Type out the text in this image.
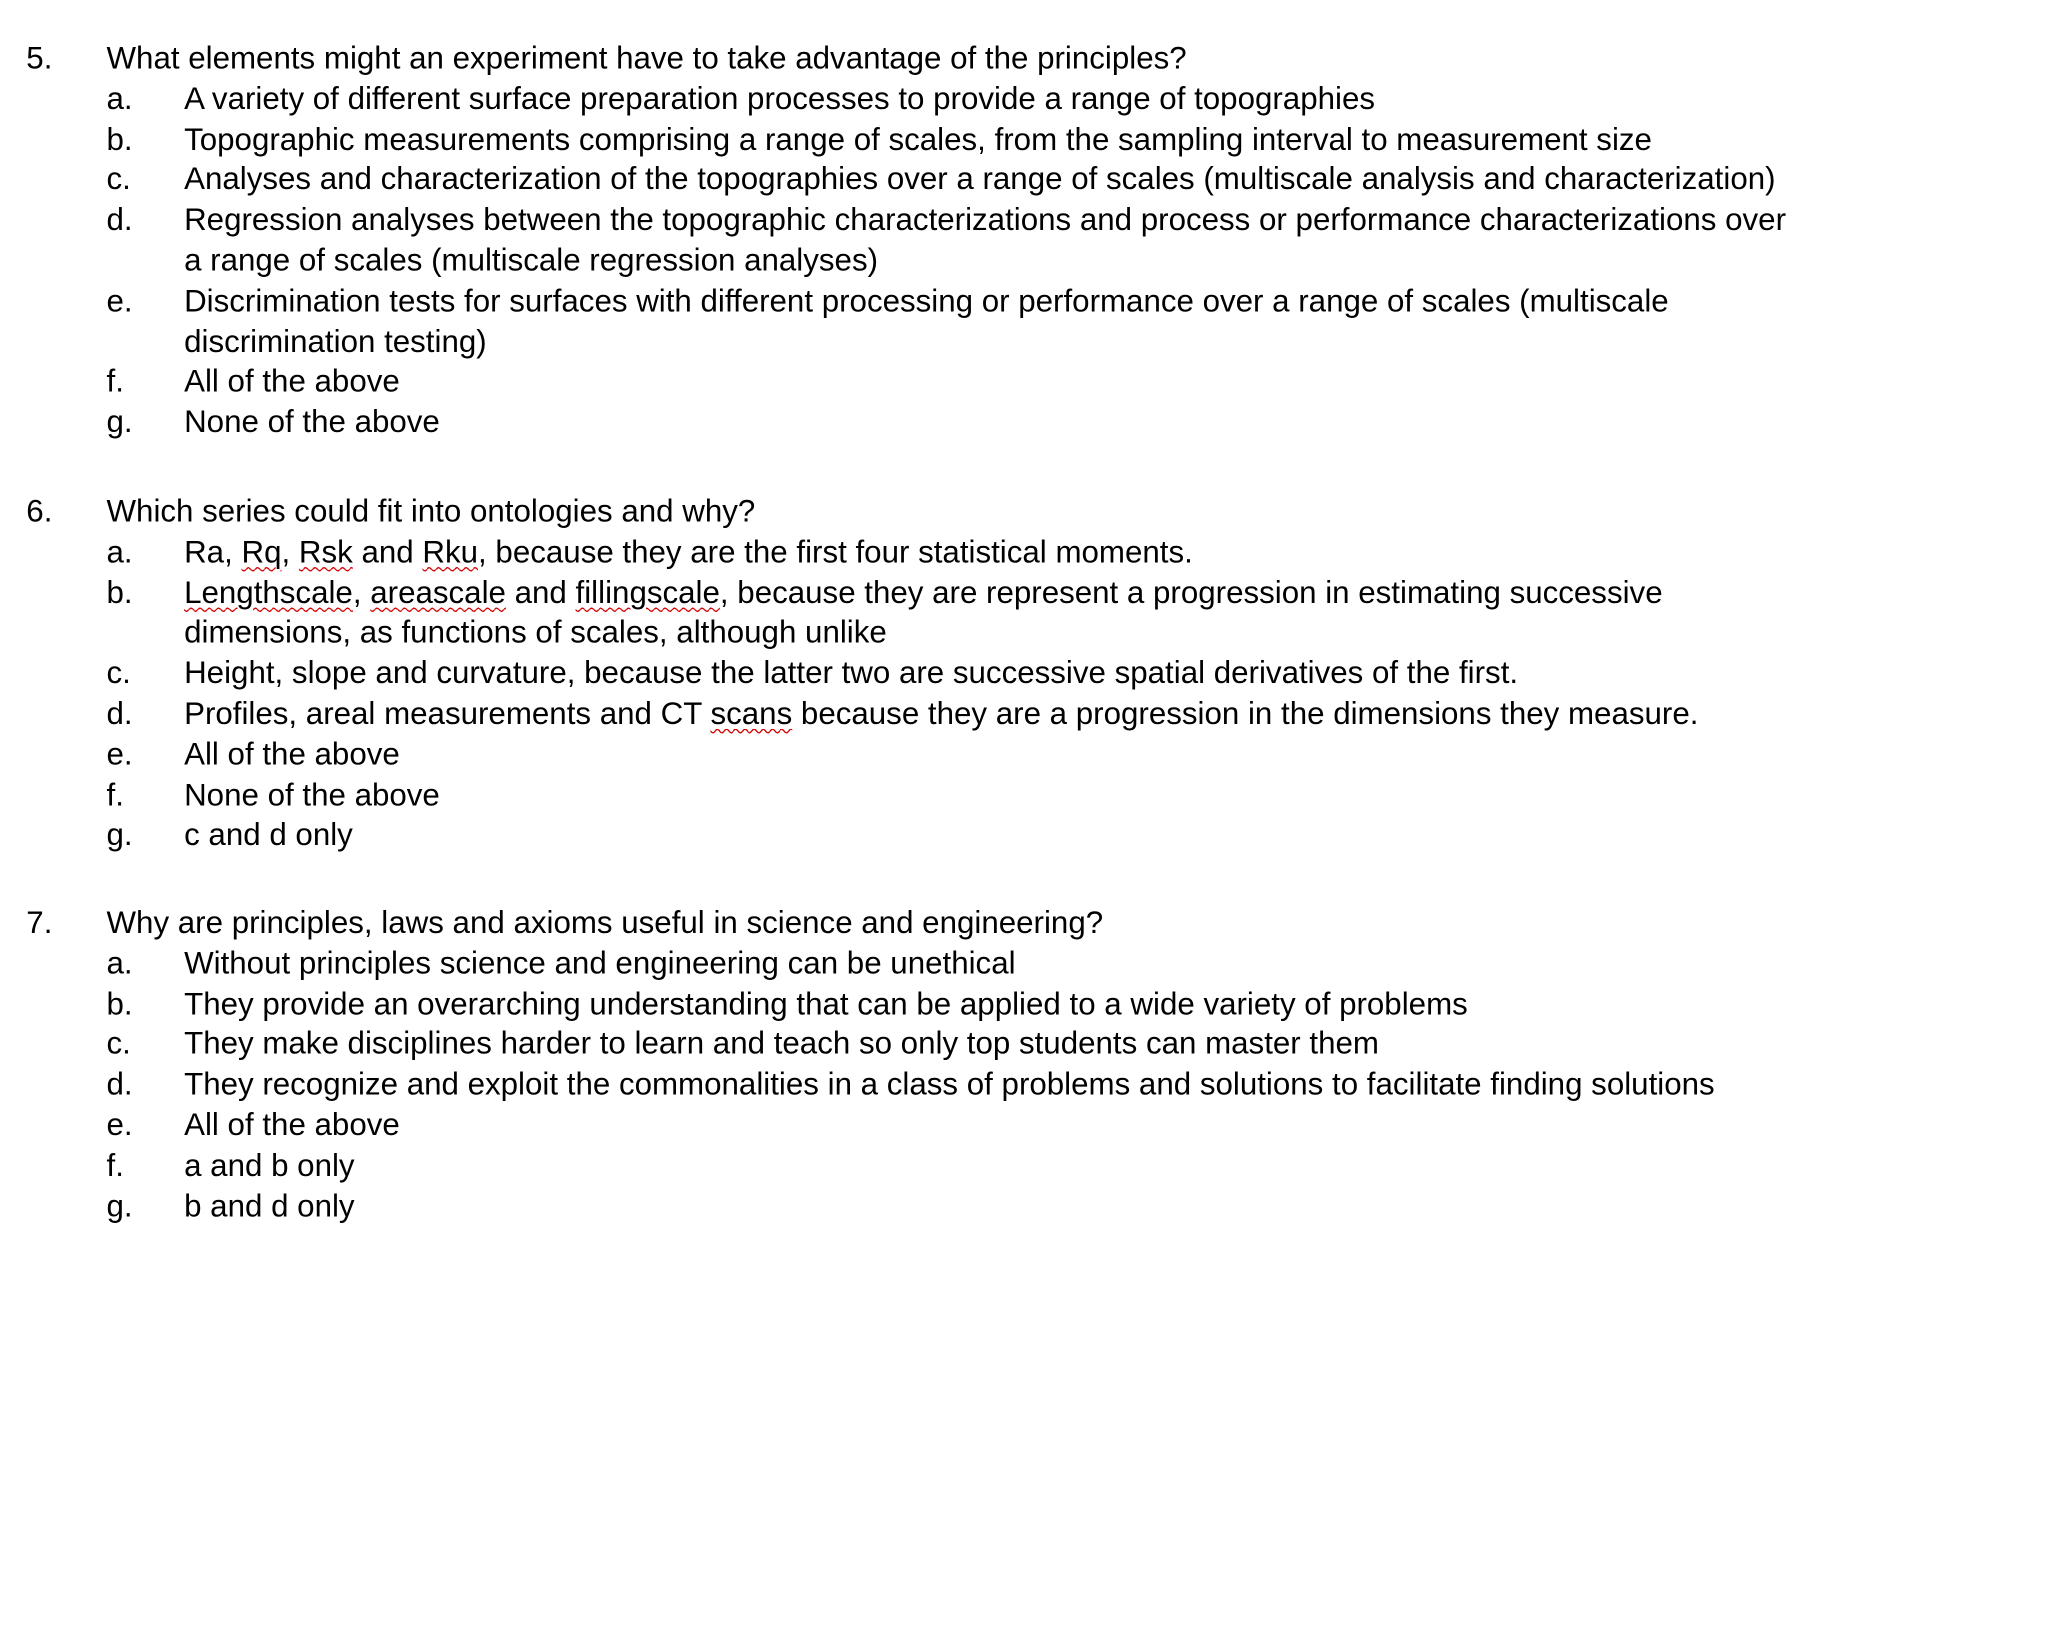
5. What elements might an experiment have to take advantage of the principles?
a. A variety of different surface preparation processes to provide a range of topographies
b. Topographic measurements comprising a range of scales, from the sampling interval to measurement size
c. Analyses and characterization of the topographies over a range of scales (multiscale analysis and characterization)
d. Regression analyses between the topographic characterizations and process or performance characterizations over
a range of scales (multiscale regression analyses)
e. Discrimination tests for surfaces with different processing or performance over a range of scales (multiscale
discrimination testing)
f.	All of the above
g. None of the above
6. Which series could fit into ontologies and why?
a. Ra, Rq, Rsk and Rku, because they are the first four statistical moments.
b. Lengthscale, areascale and fillingscale, because they are represent a progression in estimating successive
dimensions, as functions of scales, although unlike
c. Height, slope and curvature, because the latter two are successive spatial derivatives of the first.
d. Profiles, areal measurements and CT scans because they are a progression in the dimensions they measure.
e. All of the above
f.	None of the above
g. c and d only
7. Why are principles, laws and axioms useful in science and engineering?
a. Without principles science and engineering can be unethical
b. They provide an overarching understanding that can be applied to a wide variety of problems
c. They make disciplines harder to learn and teach so only top students can master them
d. They recognize and exploit the commonalities in a class of problems and solutions to facilitate finding solutions
e. All of the above
f.	a and b only
g. b and d only
